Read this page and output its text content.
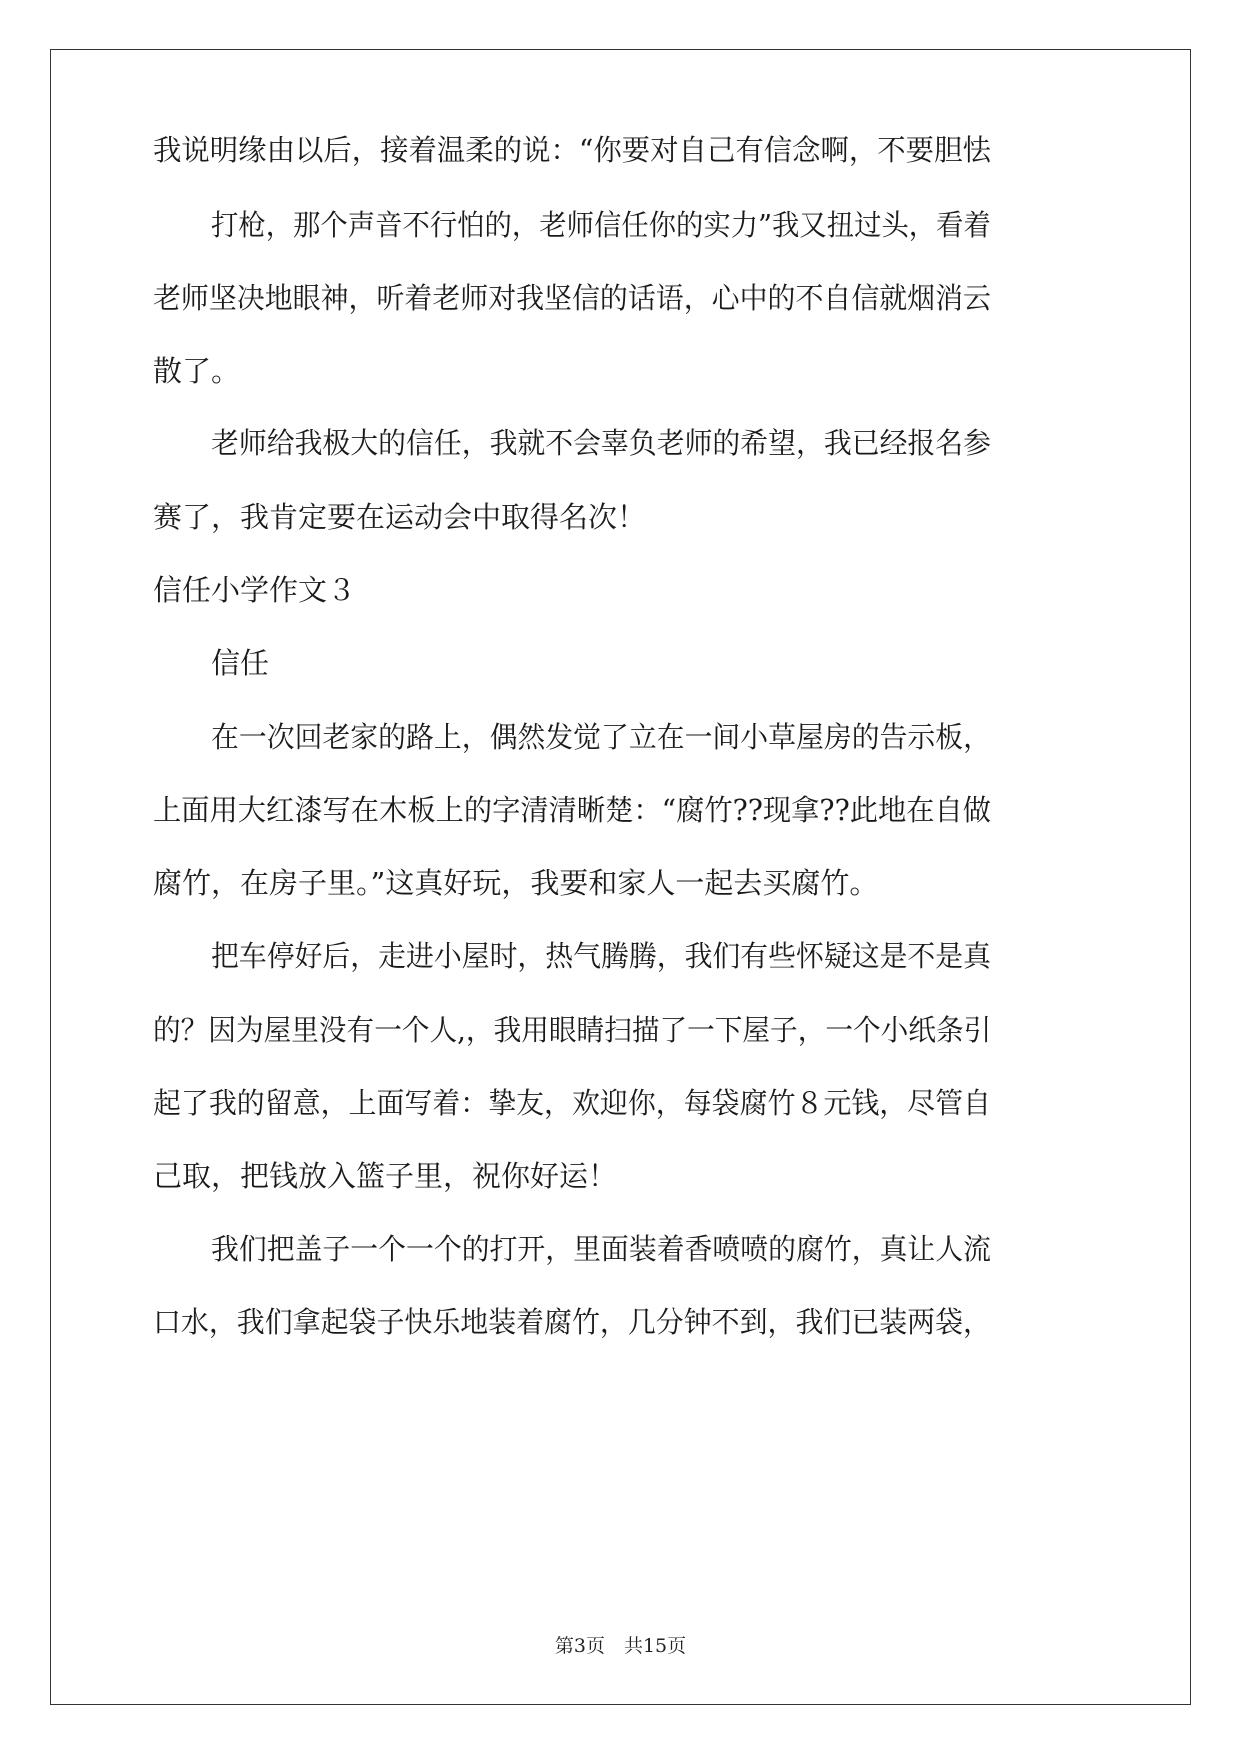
我说明缘由以后，接着温柔的说：“你要对自己有信念啊，不要胆怯
打枪，那个声音不行怕的，老师信任你的实力”我又扭过头，看着
老师坚决地眼神，听着老师对我坚信的话语，心中的不自信就烟消云
散了。
老师给我极大的信任，我就不会辜负老师的希望，我已经报名参
赛了，我肯定要在运动会中取得名次！
信任小学作文３
信任
在一次回老家的路上，偶然发觉了立在一间小草屋房的告示板，
上面用大红漆写在木板上的字清清晰楚：“腐竹??现拿??此地在自做
腐竹，在房子里。”这真好玩，我要和家人一起去买腐竹。
把车停好后，走进小屋时，热气腾腾，我们有些怀疑这是不是真
的？因为屋里没有一个人,，我用眼睛扫描了一下屋子，一个小纸条引
起了我的留意，上面写着：挚友，欢迎你，每袋腐竹８元钱，尽管自
己取，把钱放入篮子里，祝你好运！
我们把盖子一个一个的打开，里面装着香喷喷的腐竹，真让人流
口水，我们拿起袋子快乐地装着腐竹，几分钟不到，我们已装两袋，
第3页　共15页
